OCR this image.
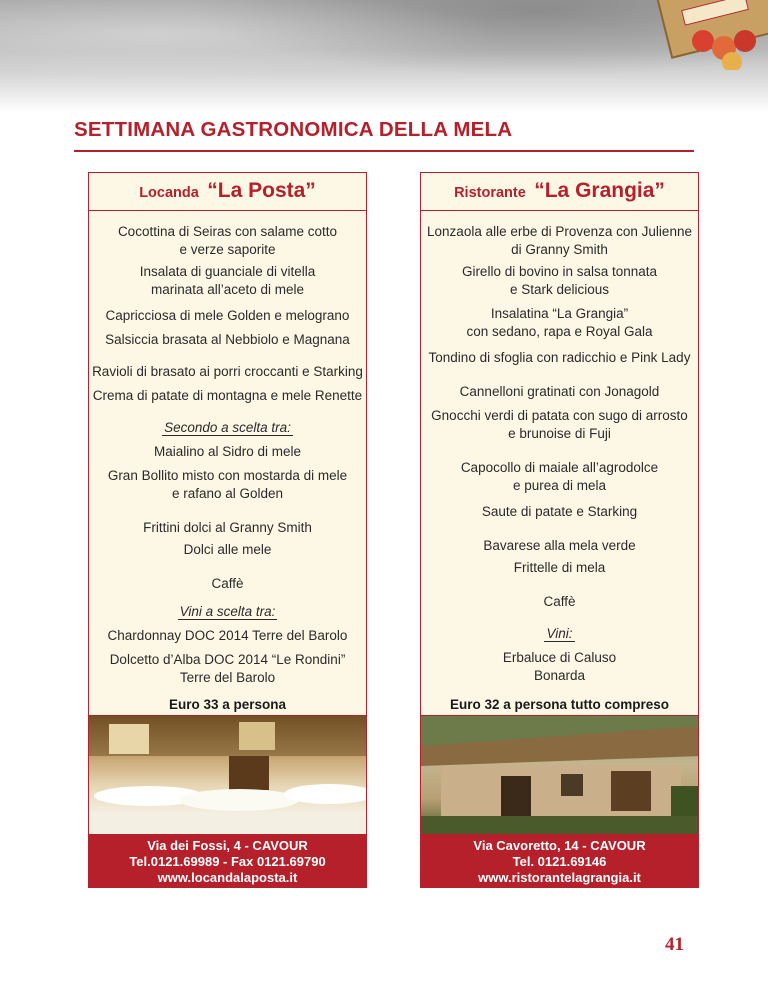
SETTIMANA GASTRONOMICA DELLA MELA
Locanda “La Posta”
Cocottina di Seiras con salame cotto
e verze saporite
Insalata di guanciale di vitella
marinata all’aceto di mele
Capricciosa di mele Golden e melograno
Salsiccia brasata al Nebbiolo e Magnana
Ravioli di brasato ai porri croccanti e Starking
Crema di patate di montagna e mele Renette
Secondo a scelta tra:
Maialino al Sidro di mele
Gran Bollito misto con mostarda di mele
e rafano al Golden
Frittini dolci al Granny Smith
Dolci alle mele
Caffè
Vini a scelta tra:
Chardonnay DOC 2014 Terre del Barolo
Dolcetto d’Alba DOC 2014 “Le Rondini”
Terre del Barolo
Euro 33 a persona
Ristorante “La Grangia”
Lonzaola alle erbe di Provenza con Julienne
di Granny Smith
Girello di bovino in salsa tonnata
e Stark delicious
Insalatina “La Grangia”
con sedano, rapa e Royal Gala
Tondino di sfoglia con radicchio e Pink Lady
Cannelloni gratinati con Jonagold
Gnocchi verdi di patata con sugo di arrosto
e brunoise di Fuji
Capocollo di maiale all’agrodolce
e purea di mela
Saute di patate e Starking
Bavarese alla mela verde
Frittelle di mela
Caffè
Vini:
Erbaluce di Caluso
Bonarda
Euro 32 a persona tutto compreso
Via dei Fossi, 4 - CAVOUR
Tel.0121.69989 - Fax 0121.69790
www.locandalaposta.it
Via Cavoretto, 14 - CAVOUR
Tel. 0121.69146
www.ristorantelagrangia.it
41
